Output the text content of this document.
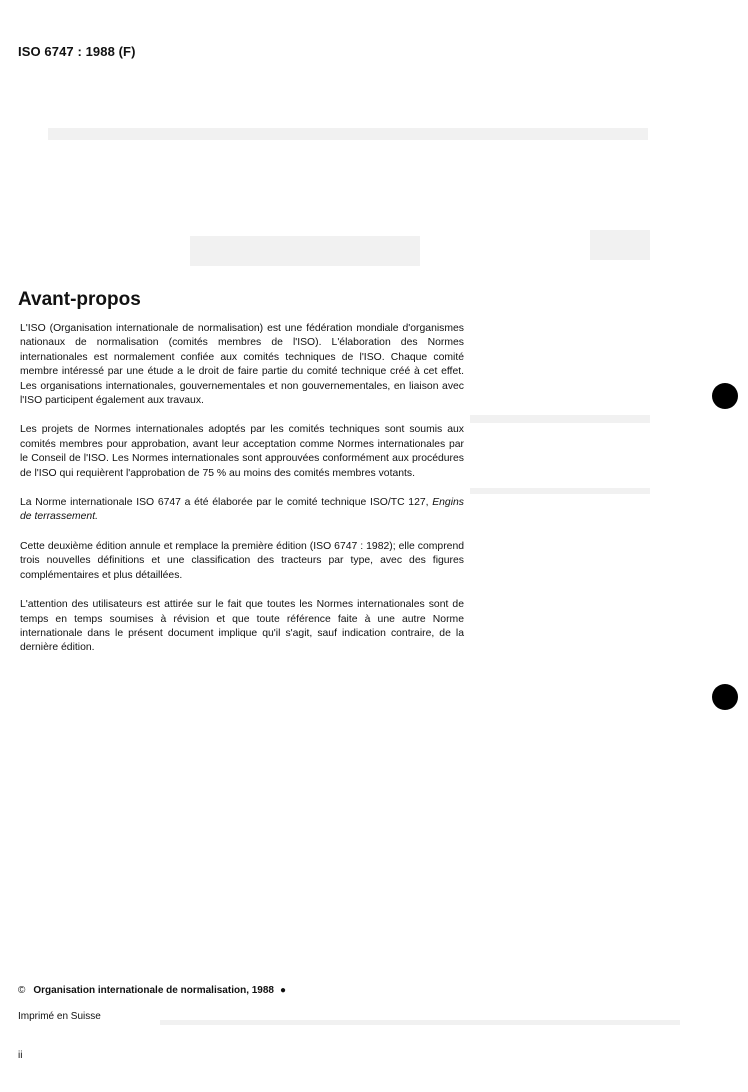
ISO 6747 : 1988 (F)
Avant-propos

L'ISO (Organisation internationale de normalisation) est une fédération mondiale d'organismes nationaux de normalisation (comités membres de l'ISO). L'élaboration des Normes internationales est normalement confiée aux comités techniques de l'ISO. Chaque comité membre intéressé par une étude a le droit de faire partie du comité technique créé à cet effet. Les organisations internationales, gouvernementales et non gouvernementales, en liaison avec l'ISO participent également aux travaux.

Les projets de Normes internationales adoptés par les comités techniques sont soumis aux comités membres pour approbation, avant leur acceptation comme Normes internationales par le Conseil de l'ISO. Les Normes internationales sont approuvées conformément aux procédures de l'ISO qui requièrent l'approbation de 75 % au moins des comités membres votants.

La Norme internationale ISO 6747 a été élaborée par le comité technique ISO/TC 127, Engins de terrassement.

Cette deuxième édition annule et remplace la première édition (ISO 6747 : 1982); elle comprend trois nouvelles définitions et une classification des tracteurs par type, avec des figures complémentaires et plus détaillées.

L'attention des utilisateurs est attirée sur le fait que toutes les Normes internationales sont de temps en temps soumises à révision et que toute référence faite à une autre Norme internationale dans le présent document implique qu'il s'agit, sauf indication contraire, de la dernière édition.

© Organisation internationale de normalisation, 1988 ●
Imprimé en Suisse
ii
